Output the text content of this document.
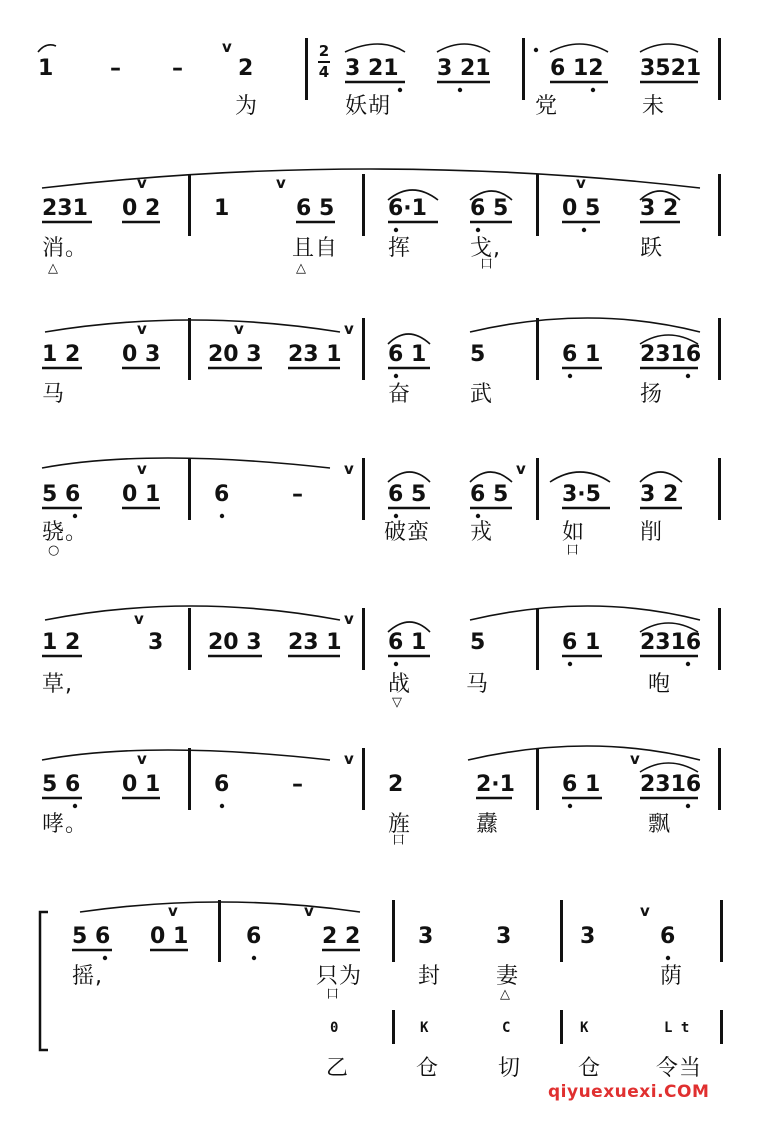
2
4
v
v	v	v
v	v	v
v	v	v
v	v
v	v	v
v	v	v
1	– –	2	3 21 3 21	6 12 3521
为	妖胡	党	未
231 0 2 1	6 5 6·1 6 5 0 5 3 2
消。	且自 挥	戈,	跃
△	△	口
1 2 0 3 20 3 23 1 6 1 5	6 1 2316
马	奋	武	扬
5 6 0 1 6	–	6 5 6 5 3·5 3 2
骁。	破蛮 戎	如 削
○	口
1 2	3 20 3 23 1 6 1 5	6 1 2316
草,	战 马	咆
▽
5 6 0 1 6	–	2	2·1 6 1 2316
哮。	旌	纛	飘
口
5 6 0 1	6	2 2	3	3	3	6
摇,	只为	封 妻	荫
口	△
0	K	C	K	L t
乙	仓	切	仓 令当
qiyuexuexi.COM
